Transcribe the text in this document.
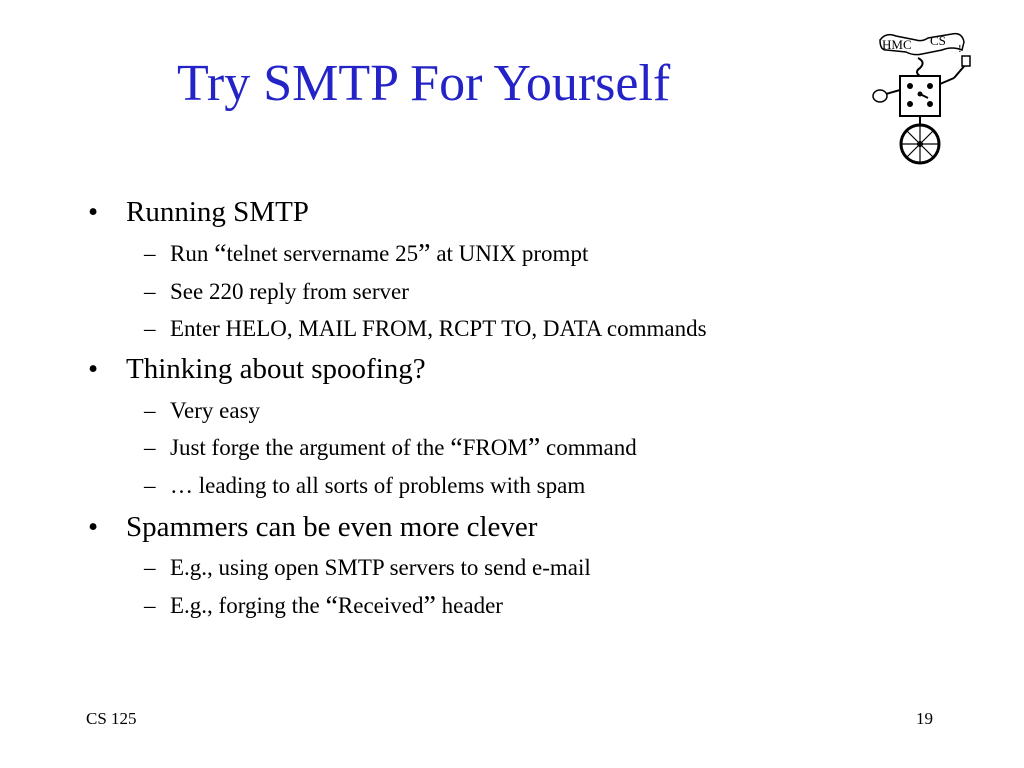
Try SMTP For Yourself
HMC CS
!
• Running SMTP
– Run “telnet servername 25” at UNIX prompt
– See 220 reply from server
– Enter HELO, MAIL FROM, RCPT TO, DATA commands
• Thinking about spoofing?
– Very easy
– Just forge the argument of the “FROM” command
– … leading to all sorts of problems with spam
• Spammers can be even more clever
– E.g., using open SMTP servers to send e-mail
– E.g., forging the “Received” header
CS 125	19
